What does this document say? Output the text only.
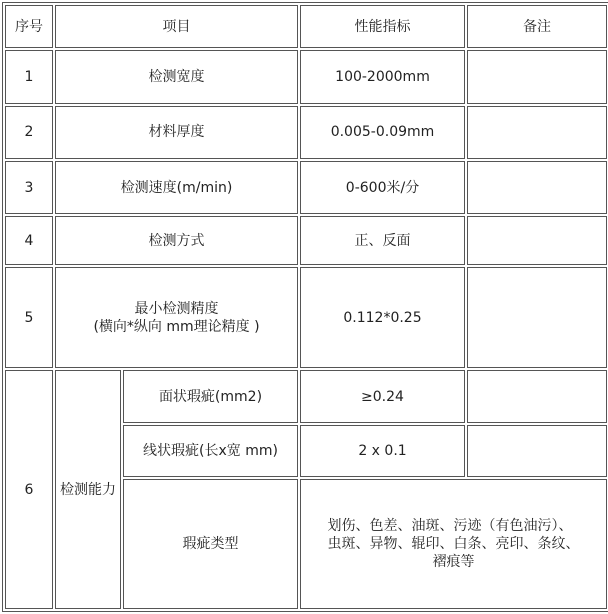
序号	项目		性能指标	备注
1	检测宽度		100-2000mm	
2	材料厚度		0.005-0.09mm	
3	检测速度(m/min)		0-600米/分	
4	检测方式		正、反面	
5	最小检测精度
(横向*纵向 mm理论精度 )		0.112*0.25	
6	检测能力	面状瑕疵(mm2)	≥0.24	
		线状瑕疵(长x宽 mm)	2 x 0.1	
		瑕疵类型	划伤、色差、油斑、污迹（有色油污）、
虫斑、异物、辊印、白条、亮印、条纹、
褶痕等	
